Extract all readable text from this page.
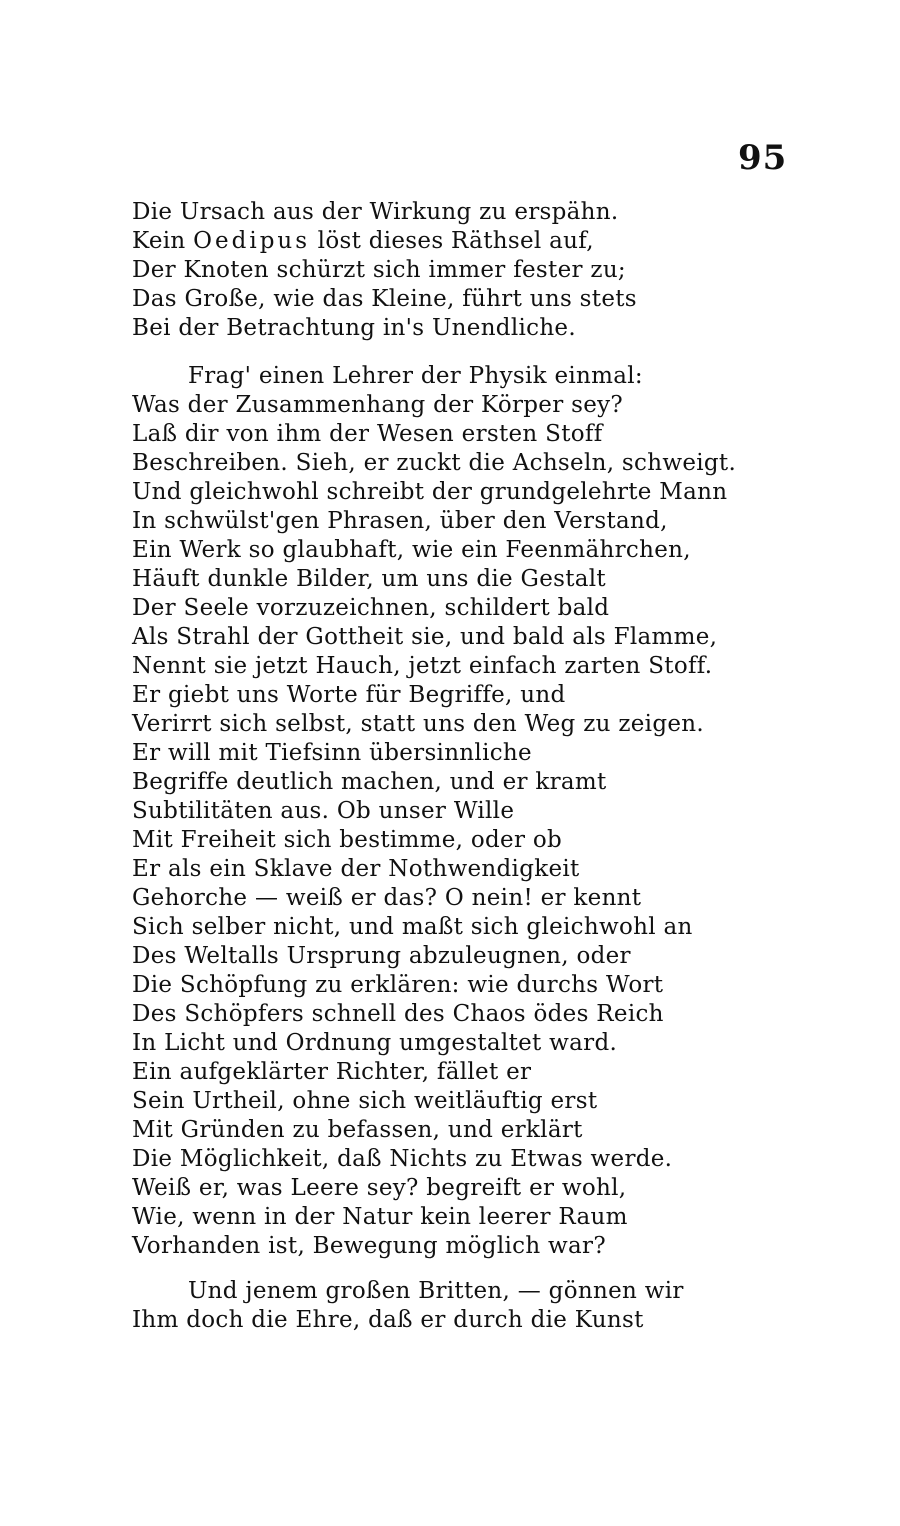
95
Die Ursach aus der Wirkung zu erspähn.
Kein Oedipus löst dieses Räthsel auf,
Der Knoten schürzt sich immer fester zu;
Das Große, wie das Kleine, führt uns stets
Bei der Betrachtung in's Unendliche.
Frag' einen Lehrer der Physik einmal:
Was der Zusammenhang der Körper sey?
Laß dir von ihm der Wesen ersten Stoff
Beschreiben. Sieh, er zuckt die Achseln, schweigt.
Und gleichwohl schreibt der grundgelehrte Mann
In schwülst'gen Phrasen, über den Verstand,
Ein Werk so glaubhaft, wie ein Feenmährchen,
Häuft dunkle Bilder, um uns die Gestalt
Der Seele vorzuzeichnen, schildert bald
Als Strahl der Gottheit sie, und bald als Flamme,
Nennt sie jetzt Hauch, jetzt einfach zarten Stoff.
Er giebt uns Worte für Begriffe, und
Verirrt sich selbst, statt uns den Weg zu zeigen.
Er will mit Tiefsinn übersinnliche
Begriffe deutlich machen, und er kramt
Subtilitäten aus. Ob unser Wille
Mit Freiheit sich bestimme, oder ob
Er als ein Sklave der Nothwendigkeit
Gehorche — weiß er das? O nein! er kennt
Sich selber nicht, und maßt sich gleichwohl an
Des Weltalls Ursprung abzuleugnen, oder
Die Schöpfung zu erklären: wie durchs Wort
Des Schöpfers schnell des Chaos ödes Reich
In Licht und Ordnung umgestaltet ward.
Ein aufgeklärter Richter, fället er
Sein Urtheil, ohne sich weitläuftig erst
Mit Gründen zu befassen, und erklärt
Die Möglichkeit, daß Nichts zu Etwas werde.
Weiß er, was Leere sey? begreift er wohl,
Wie, wenn in der Natur kein leerer Raum
Vorhanden ist, Bewegung möglich war?
Und jenem großen Britten, — gönnen wir
Ihm doch die Ehre, daß er durch die Kunst
